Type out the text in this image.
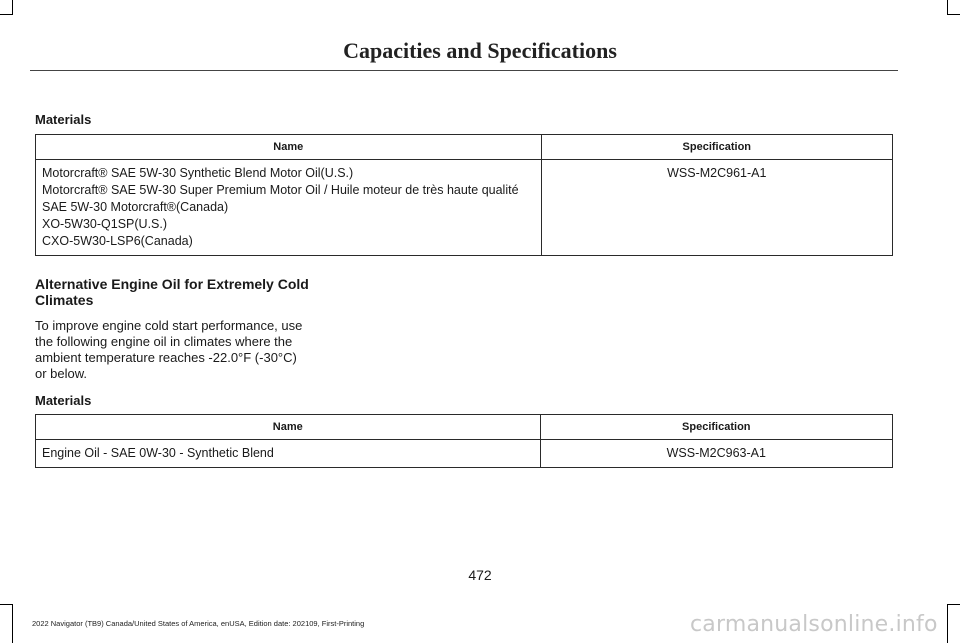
Capacities and Specifications
Materials
Name	Specification

Motorcraft® SAE 5W-30 Synthetic Blend Motor Oil(U.S.)
Motorcraft® SAE 5W-30 Super Premium Motor Oil / Huile moteur de très haute qualité SAE 5W-30 Motorcraft®(Canada)
XO-5W30-Q1SP(U.S.)
CXO-5W30-LSP6(Canada)	WSS-M2C961-A1
Alternative Engine Oil for Extremely Cold Climates
To improve engine cold start performance, use the following engine oil in climates where the ambient temperature reaches -22.0°F (-30°C) or below.
Materials
Name	Specification
Engine Oil - SAE 0W-30 - Synthetic Blend	WSS-M2C963-A1
472
2022 Navigator (TB9) Canada/United States of America, enUSA, Edition date: 202109, First-Printing	carmanualsonline.info
